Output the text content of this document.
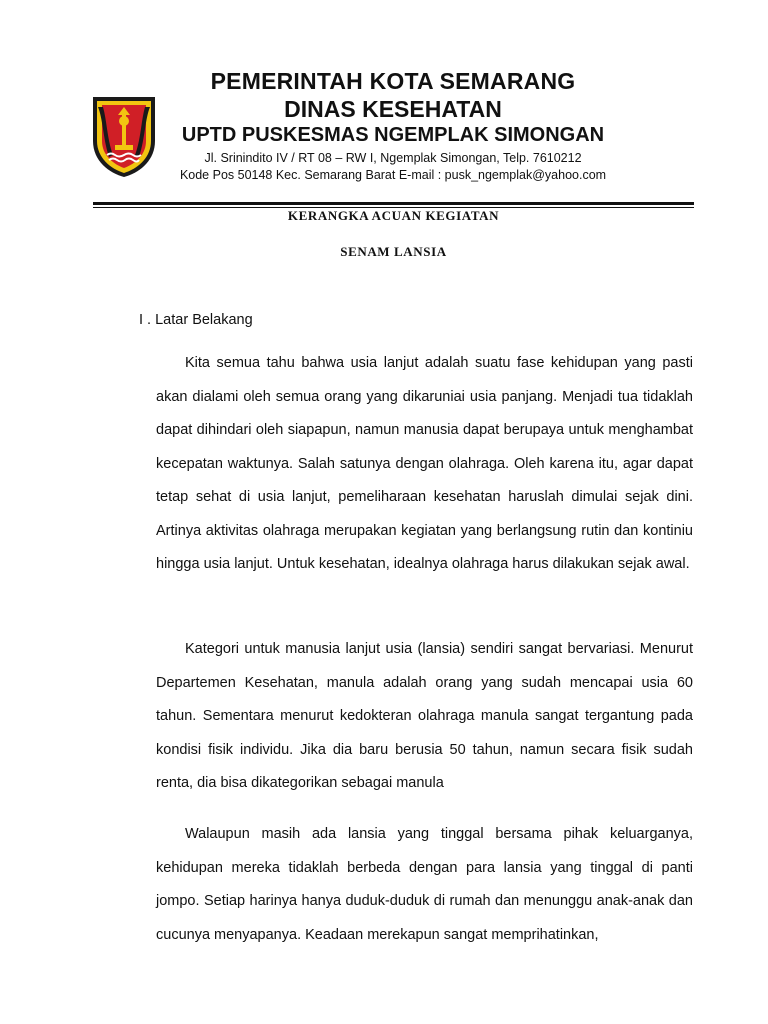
PEMERINTAH KOTA SEMARANG
DINAS KESEHATAN
UPTD PUSKESMAS NGEMPLAK SIMONGAN
Jl. Srinindito IV / RT 08 – RW I, Ngemplak Simongan, Telp. 7610212
Kode Pos 50148 Kec. Semarang Barat E-mail : pusk_ngemplak@yahoo.com
KERANGKA ACUAN KEGIATAN
SENAM LANSIA
I . Latar Belakang

Kita semua tahu bahwa usia lanjut adalah suatu fase kehidupan yang pasti akan dialami oleh semua orang yang dikaruniai usia panjang. Menjadi tua tidaklah dapat dihindari oleh siapapun, namun manusia dapat berupaya untuk menghambat kecepatan waktunya. Salah satunya dengan olahraga. Oleh karena itu, agar dapat tetap sehat di usia lanjut, pemeliharaan kesehatan haruslah dimulai sejak dini. Artinya aktivitas olahraga merupakan kegiatan yang berlangsung rutin dan kontiniu hingga usia lanjut. Untuk kesehatan, idealnya olahraga harus dilakukan sejak awal.

Kategori untuk manusia lanjut usia (lansia) sendiri sangat bervariasi. Menurut Departemen Kesehatan, manula adalah orang yang sudah mencapai usia 60 tahun. Sementara menurut kedokteran olahraga manula sangat tergantung pada kondisi fisik individu. Jika dia baru berusia 50 tahun, namun secara fisik sudah renta, dia bisa dikategorikan sebagai manula

Walaupun masih ada lansia yang tinggal bersama pihak keluarganya, kehidupan mereka tidaklah berbeda dengan para lansia yang tinggal di panti jompo. Setiap harinya hanya duduk-duduk di rumah dan menunggu anak-anak dan cucunya menyapanya. Keadaan merekapun sangat memprihatinkan,
